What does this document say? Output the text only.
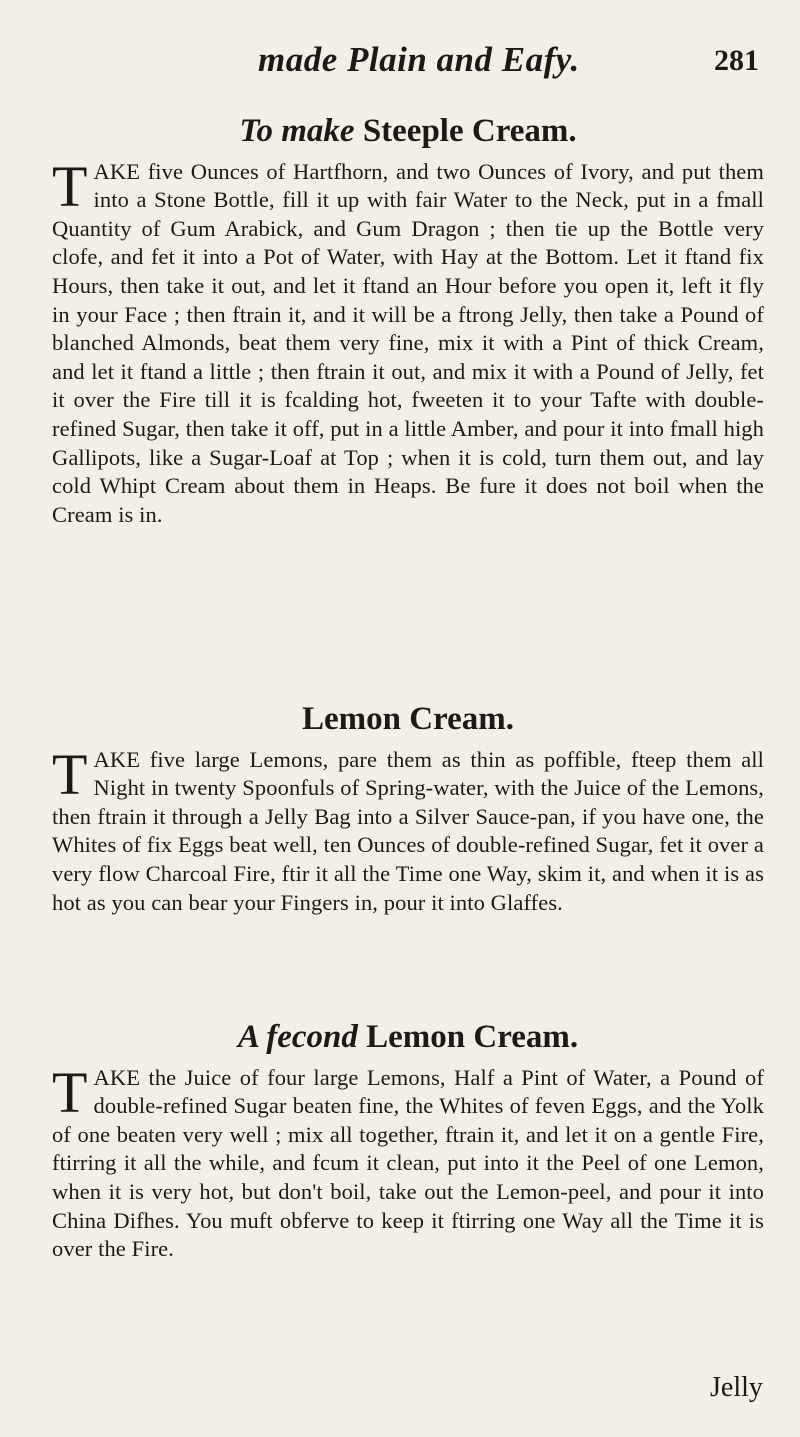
made Plain and Eafy.	281
To make Steeple Cream.

TAKE five Ounces of Hartfhorn, and two Ounces of Ivory, and put them into a Stone Bottle, fill it up with fair Water to the Neck, put in a fmall Quantity of Gum Arabick, and Gum Dragon ; then tie up the Bottle very clofe, and fet it into a Pot of Water, with Hay at the Bottom. Let it ftand fix Hours, then take it out, and let it ftand an Hour before you open it, left it fly in your Face ; then ftrain it, and it will be a ftrong Jelly, then take a Pound of blanched Almonds, beat them very fine, mix it with a Pint of thick Cream, and let it ftand a little ; then ftrain it out, and mix it with a Pound of Jelly, fet it over the Fire till it is fcalding hot, fweeten it to your Tafte with double-refined Sugar, then take it off, put in a little Amber, and pour it into fmall high Gallipots, like a Sugar-Loaf at Top ; when it is cold, turn them out, and lay cold Whipt Cream about them in Heaps. Be fure it does not boil when the Cream is in.

Lemon Cream.

TAKE five large Lemons, pare them as thin as poffible, fteep them all Night in twenty Spoonfuls of Spring-water, with the Juice of the Lemons, then ftrain it through a Jelly Bag into a Silver Sauce-pan, if you have one, the Whites of fix Eggs beat well, ten Ounces of double-refined Sugar, fet it over a very flow Charcoal Fire, ftir it all the Time one Way, skim it, and when it is as hot as you can bear your Fingers in, pour it into Glaffes.

A fecond Lemon Cream.

TAKE the Juice of four large Lemons, Half a Pint of Water, a Pound of double-refined Sugar beaten fine, the Whites of feven Eggs, and the Yolk of one beaten very well ; mix all together, ftrain it, and let it on a gentle Fire, ftirring it all the while, and fcum it clean, put into it the Peel of one Lemon, when it is very hot, but don't boil, take out the Lemon-peel, and pour it into China Difhes. You muft obferve to keep it ftirring one Way all the Time it is over the Fire.

Jelly
